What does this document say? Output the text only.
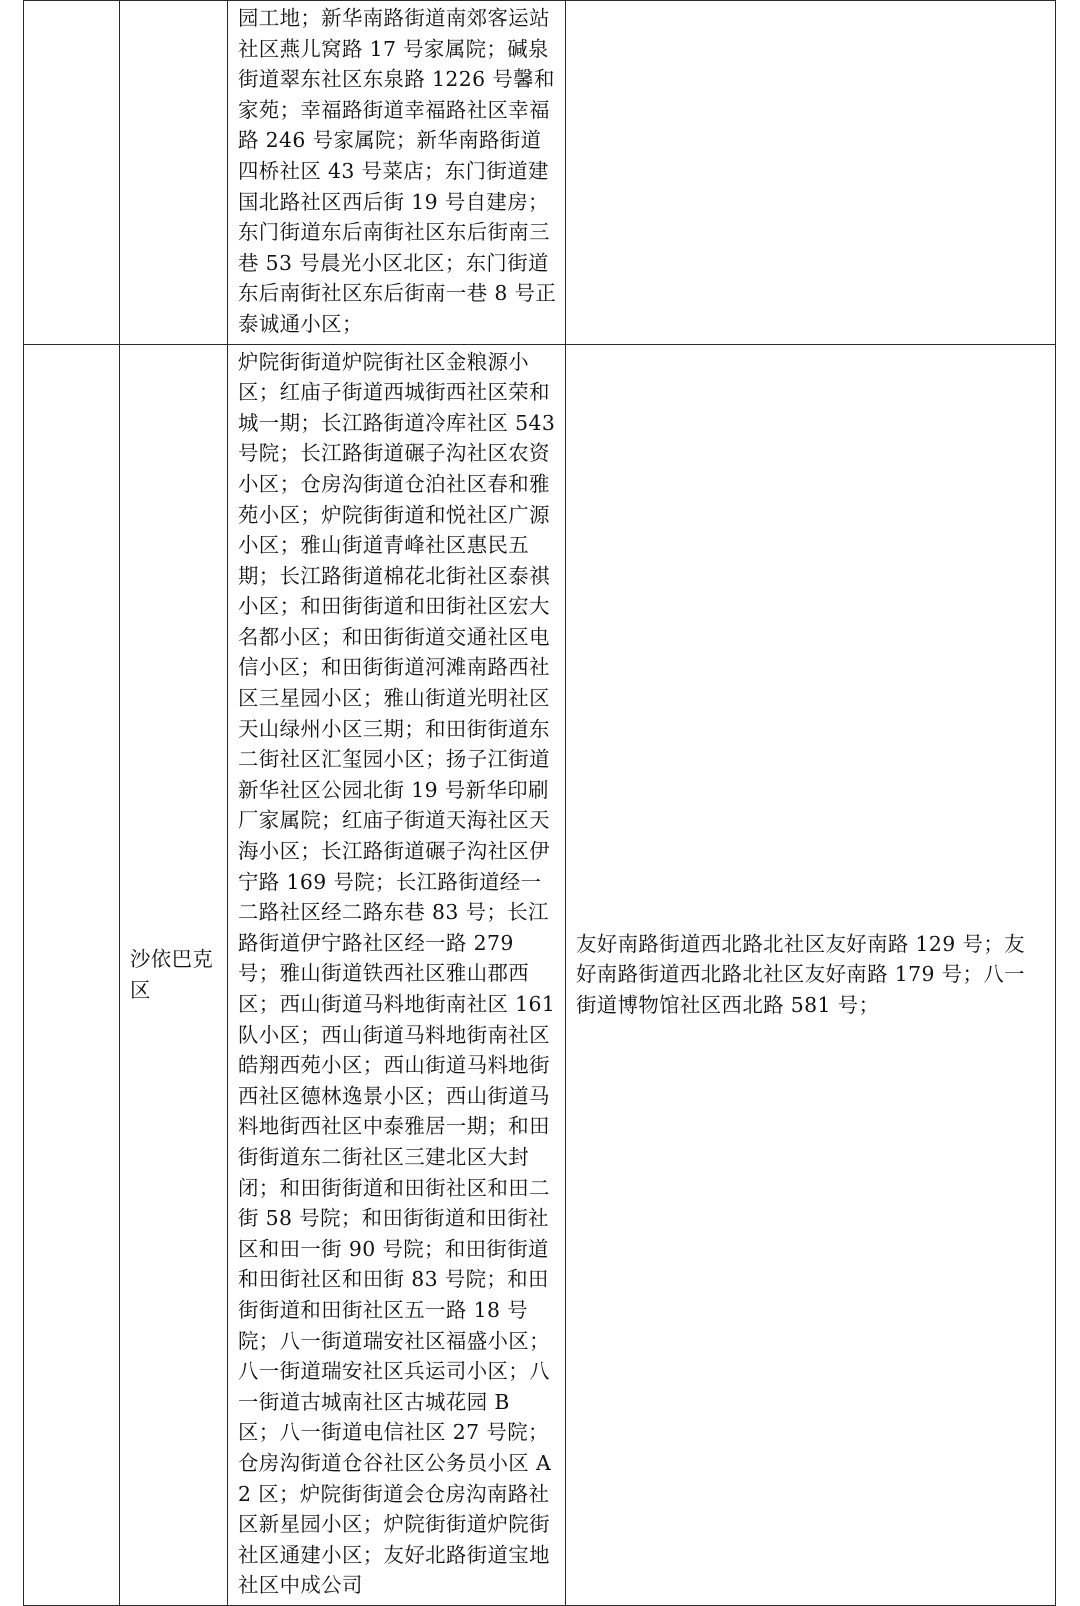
		园工地；新华南路街道南郊客运站社区燕儿窝路 17 号家属院；碱泉街道翠东社区东泉路 1226 号馨和家苑；幸福路街道幸福路社区幸福路 246 号家属院；新华南路街道四桥社区 43 号菜店；东门街道建国北路社区西后街 19 号自建房；东门街道东后南街社区东后街南三巷 53 号晨光小区北区；东门街道东后南街社区东后街南一巷 8 号正泰诚通小区；	

	沙依巴克区	炉院街街道炉院街社区金粮源小区；红庙子街道西城街西社区荣和城一期；长江路街道冷库社区 543 号院；长江路街道碾子沟社区农资小区；仓房沟街道仓泊社区春和雅苑小区；炉院街街道和悦社区广源小区；雅山街道青峰社区惠民五期；长江路街道棉花北街社区泰祺小区；和田街街道和田街社区宏大名都小区；和田街街道交通社区电信小区；和田街街道河滩南路西社区三星园小区；雅山街道光明社区天山绿州小区三期；和田街街道东二街社区汇玺园小区；扬子江街道新华社区公园北街 19 号新华印刷厂家属院；红庙子街道天海社区天海小区；长江路街道碾子沟社区伊宁路 169 号院；长江路街道经一二路社区经二路东巷 83 号；长江路街道伊宁路社区经一路 279 号；雅山街道铁西社区雅山郡西区；西山街道马料地街南社区 161 队小区；西山街道马料地街南社区皓翔西苑小区；西山街道马料地街西社区德林逸景小区；西山街道马料地街西社区中泰雅居一期；和田街街道东二街社区三建北区大封闭；和田街街道和田街社区和田二街 58 号院；和田街街道和田街社区和田一街 90 号院；和田街街道和田街社区和田街 83 号院；和田街街道和田街社区五一路 18 号院；八一街道瑞安社区福盛小区；八一街道瑞安社区兵运司小区；八一街道古城南社区古城花园 B 区；八一街道电信社区 27 号院；仓房沟街道仓谷社区公务员小区 A2 区；炉院街街道会仓房沟南路社区新星园小区；炉院街街道炉院街社区通建小区；友好北路街道宝地社区中成公司	友好南路街道西北路北社区友好南路 129 号；友好南路街道西北路北社区友好南路 179 号；八一街道博物馆社区西北路 581 号；
